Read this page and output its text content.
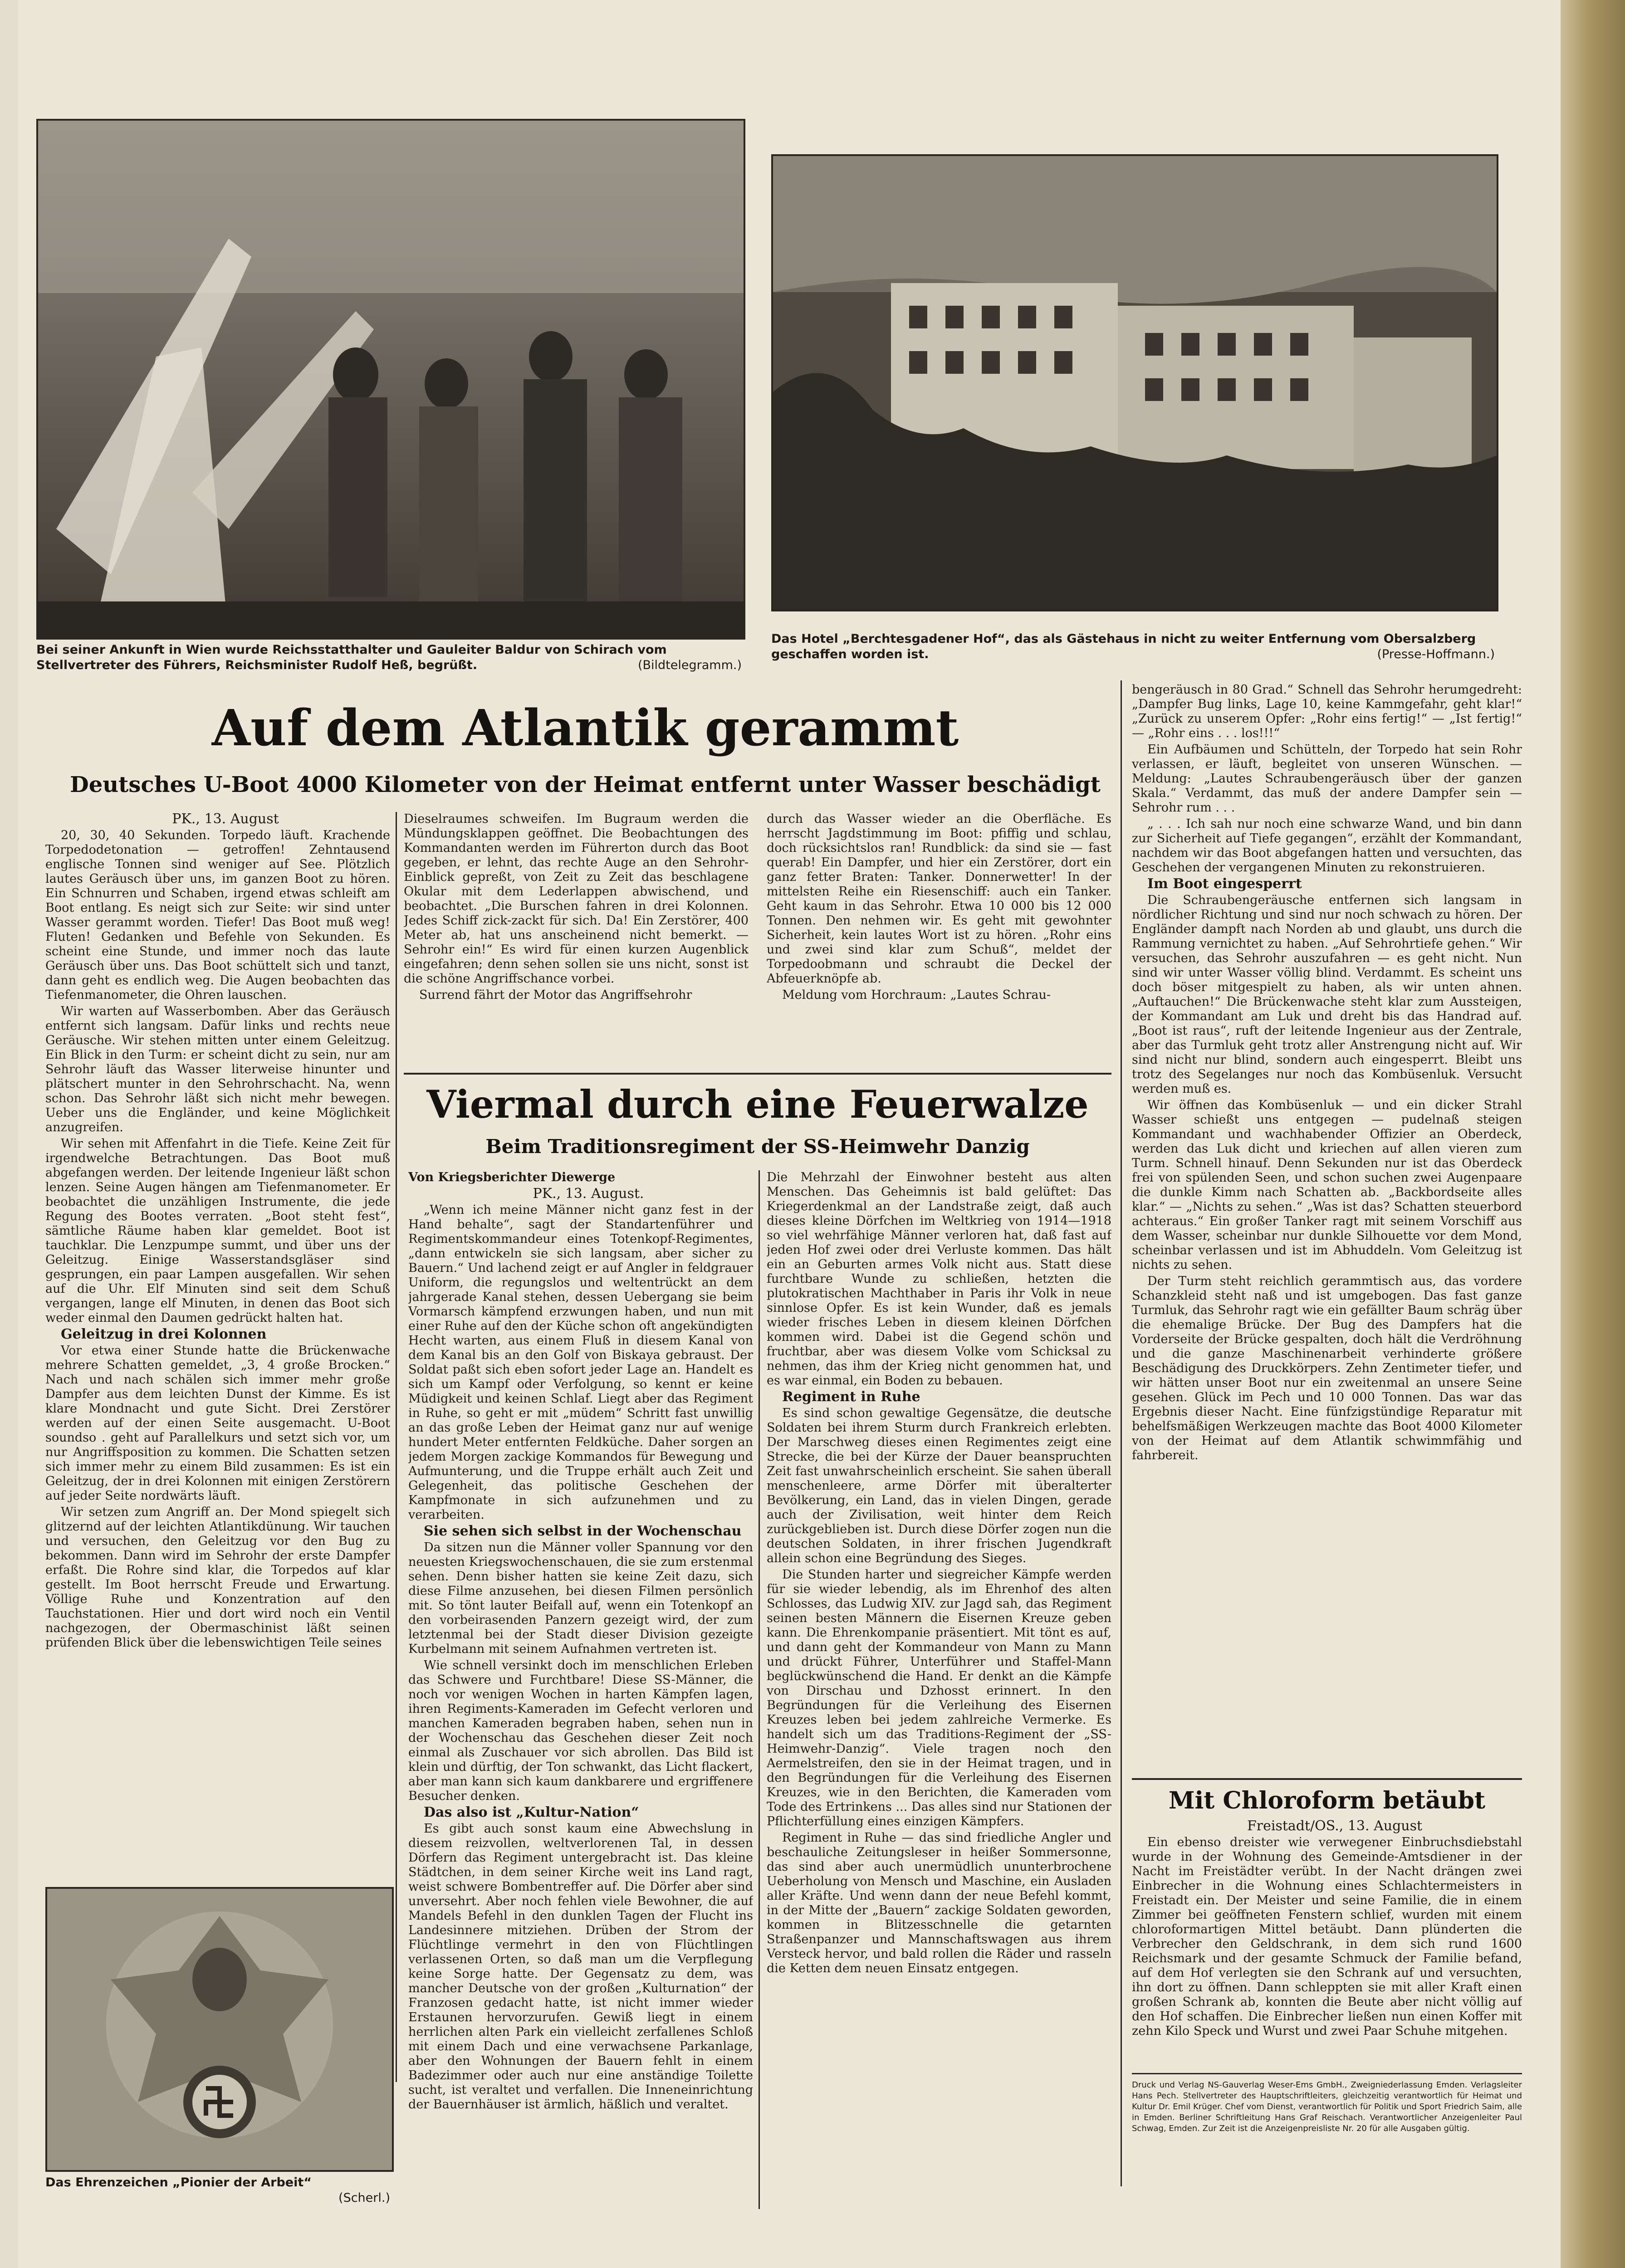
Bei seiner Ankunft in Wien wurde Reichsstatthalter und Gauleiter Baldur von Schirach vom Stellvertreter des Führers, Reichsminister Rudolf Heß, begrüßt.	(Bildtelegramm.)
Das Hotel „Berchtesgadener Hof“, das als Gästehaus in nicht zu weiter Entfernung vom Obersalzberg geschaffen worden ist.	(Presse-Hoffmann.)
Auf dem Atlantik gerammt
Deutsches U-Boot 4000 Kilometer von der Heimat entfernt unter Wasser beschädigt

PK., 13. August

20, 30, 40 Sekunden. Torpedo läuft. Krachende Torpedodetonation — getroffen! Zehntausend englische Tonnen sind weniger auf See. Plötzlich lautes Geräusch über uns, im ganzen Boot zu hören. Ein Schnurren und Schaben, irgend etwas schleift am Boot entlang. Es neigt sich zur Seite: wir sind unter Wasser gerammt worden. Tiefer! Das Boot muß weg! Fluten! Gedanken und Befehle von Sekunden. Es scheint eine Stunde, und immer noch das laute Geräusch über uns. Das Boot schüttelt sich und tanzt, dann geht es endlich weg. Die Augen beobachten das Tiefenmanometer, die Ohren lauschen.

Wir warten auf Wasserbomben. Aber das Geräusch entfernt sich langsam. Dafür links und rechts neue Geräusche. Wir stehen mitten unter einem Geleitzug. Ein Blick in den Turm: er scheint dicht zu sein, nur am Sehrohr läuft das Wasser literweise hinunter und plätschert munter in den Sehrohrschacht. Na, wenn schon. Das Sehrohr läßt sich nicht mehr bewegen. Ueber uns die Engländer, und keine Möglichkeit anzugreifen.

Wir sehen mit Affenfahrt in die Tiefe. Keine Zeit für irgendwelche Betrachtungen. Das Boot muß abgefangen werden. Der leitende Ingenieur läßt schon lenzen. Seine Augen hängen am Tiefenmanometer. Er beobachtet die unzähligen Instrumente, die jede Regung des Bootes verraten. „Boot steht fest“, sämtliche Räume haben klar gemeldet. Boot ist tauchklar. Die Lenzpumpe summt, und über uns der Geleitzug. Einige Wasserstandsgläser sind gesprungen, ein paar Lampen ausgefallen. Wir sehen auf die Uhr. Elf Minuten sind seit dem Schuß vergangen, lange elf Minuten, in denen das Boot sich weder einmal den Daumen gedrückt halten hat.

Geleitzug in drei Kolonnen

Vor etwa einer Stunde hatte die Brückenwache mehrere Schatten gemeldet, „3, 4 große Brocken.“ Nach und nach schälen sich immer mehr große Dampfer aus dem leichten Dunst der Kimme. Es ist klare Mondnacht und gute Sicht. Drei Zerstörer werden auf der einen Seite ausgemacht. U-Boot soundso . geht auf Parallelkurs und setzt sich vor, um nur Angriffsposition zu kommen. Die Schatten setzen sich immer mehr zu einem Bild zusammen: Es ist ein Geleitzug, der in drei Kolonnen mit einigen Zerstörern auf jeder Seite nordwärts läuft.

Wir setzen zum Angriff an. Der Mond spiegelt sich glitzernd auf der leichten Atlantikdünung. Wir tauchen und versuchen, den Geleitzug vor den Bug zu bekommen. Dann wird im Sehrohr der erste Dampfer erfaßt. Die Rohre sind klar, die Torpedos auf klar gestellt. Im Boot herrscht Freude und Erwartung. Völlige Ruhe und Konzentration auf den Tauchstationen. Hier und dort wird noch ein Ventil nachgezogen, der Obermaschinist läßt seinen prüfenden Blick über die lebenswichtigen Teile seines

Dieselraumes schweifen. Im Bugraum werden die Mündungsklappen geöffnet. Die Beobachtungen des Kommandanten werden im Führerton durch das Boot gegeben, er lehnt, das rechte Auge an den Sehrohr-Einblick gepreßt, von Zeit zu Zeit das beschlagene Okular mit dem Lederlappen abwischend, und beobachtet. „Die Burschen fahren in drei Kolonnen. Jedes Schiff zick-zackt für sich. Da! Ein Zerstörer, 400 Meter ab, hat uns anscheinend nicht bemerkt. — Sehrohr ein!“ Es wird für einen kurzen Augenblick eingefahren; denn sehen sollen sie uns nicht, sonst ist die schöne Angriffschance vorbei.

Surrend fährt der Motor das Angriffsehrohr

durch das Wasser wieder an die Oberfläche. Es herrscht Jagdstimmung im Boot: pfiffig und schlau, doch rücksichtslos ran! Rundblick: da sind sie — fast querab! Ein Dampfer, und hier ein Zerstörer, dort ein ganz fetter Braten: Tanker. Donnerwetter! In der mittelsten Reihe ein Riesenschiff: auch ein Tanker. Geht kaum in das Sehrohr. Etwa 10 000 bis 12 000 Tonnen. Den nehmen wir. Es geht mit gewohnter Sicherheit, kein lautes Wort ist zu hören. „Rohr eins und zwei sind klar zum Schuß“, meldet der Torpedoobmann und schraubt die Deckel der Abfeuerknöpfe ab.

Meldung vom Horchraum: „Lautes Schrau-

bengeräusch in 80 Grad.“ Schnell das Sehrohr herumgedreht: „Dampfer Bug links, Lage 10, keine Kammgefahr, geht klar!“ „Zurück zu unserem Opfer: „Rohr eins fertig!“ — „Ist fertig!“ — „Rohr eins . . . los!!!“

Ein Aufbäumen und Schütteln, der Torpedo hat sein Rohr verlassen, er läuft, begleitet von unseren Wünschen. — Meldung: „Lautes Schraubengeräusch über der ganzen Skala.“ Verdammt, das muß der andere Dampfer sein — Sehrohr rum . . .

„ . . . Ich sah nur noch eine schwarze Wand, und bin dann zur Sicherheit auf Tiefe gegangen“, erzählt der Kommandant, nachdem wir das Boot abgefangen hatten und versuchten, das Geschehen der vergangenen Minuten zu rekonstruieren.

Im Boot eingesperrt

Die Schraubengeräusche entfernen sich langsam in nördlicher Richtung und sind nur noch schwach zu hören. Der Engländer dampft nach Norden ab und glaubt, uns durch die Rammung vernichtet zu haben. „Auf Sehrohrtiefe gehen.“ Wir versuchen, das Sehrohr auszufahren — es geht nicht. Nun sind wir unter Wasser völlig blind. Verdammt. Es scheint uns doch böser mitgespielt zu haben, als wir unten ahnen. „Auftauchen!“ Die Brückenwache steht klar zum Aussteigen, der Kommandant am Luk und dreht bis das Handrad auf. „Boot ist raus“, ruft der leitende Ingenieur aus der Zentrale, aber das Turmluk geht trotz aller Anstrengung nicht auf. Wir sind nicht nur blind, sondern auch eingesperrt. Bleibt uns trotz des Segelanges nur noch das Kombüsenluk. Versucht werden muß es.

Wir öffnen das Kombüsenluk — und ein dicker Strahl Wasser schießt uns entgegen — pudelnaß steigen Kommandant und wachhabender Offizier an Oberdeck, werden das Luk dicht und kriechen auf allen vieren zum Turm. Schnell hinauf. Denn Sekunden nur ist das Oberdeck frei von spülenden Seen, und schon suchen zwei Augenpaare die dunkle Kimm nach Schatten ab. „Backbordseite alles klar.“ — „Nichts zu sehen.“ „Was ist das? Schatten steuerbord achteraus.“ Ein großer Tanker ragt mit seinem Vorschiff aus dem Wasser, scheinbar nur dunkle Silhouette vor dem Mond, scheinbar verlassen und ist im Abhuddeln. Vom Geleitzug ist nichts zu sehen.

Der Turm steht reichlich gerammtisch aus, das vordere Schanzkleid steht naß und ist umgebogen. Das fast ganze Turmluk, das Sehrohr ragt wie ein gefällter Baum schräg über die ehemalige Brücke. Der Bug des Dampfers hat die Vorderseite der Brücke gespalten, doch hält die Verdröhnung und die ganze Maschinenarbeit verhinderte größere Beschädigung des Druckkörpers. Zehn Zentimeter tiefer, und wir hätten unser Boot nur ein zweitenmal an unsere Seine gesehen. Glück im Pech und 10 000 Tonnen. Das war das Ergebnis dieser Nacht. Eine fünfzigstündige Reparatur mit behelfsmäßigen Werkzeugen machte das Boot 4000 Kilometer von der Heimat auf dem Atlantik schwimmfähig und fahrbereit.

Viermal durch eine Feuerwalze
Beim Traditionsregiment der SS-Heimwehr Danzig

Von Kriegsberichter Diewerge

PK., 13. August.

„Wenn ich meine Männer nicht ganz fest in der Hand behalte“, sagt der Standartenführer und Regimentskommandeur eines Totenkopf-Regimentes, „dann entwickeln sie sich langsam, aber sicher zu Bauern.“ Und lachend zeigt er auf Angler in feldgrauer Uniform, die regungslos und weltentrückt an dem jahrgerade Kanal stehen, dessen Uebergang sie beim Vormarsch kämpfend erzwungen haben, und nun mit einer Ruhe auf den der Küche schon oft angekündigten Hecht warten, aus einem Fluß in diesem Kanal von dem Kanal bis an den Golf von Biskaya gebraust. Der Soldat paßt sich eben sofort jeder Lage an. Handelt es sich um Kampf oder Verfolgung, so kennt er keine Müdigkeit und keinen Schlaf. Liegt aber das Regiment in Ruhe, so geht er mit „müdem“ Schritt fast unwillig an das große Leben der Heimat ganz nur auf wenige hundert Meter entfernten Feldküche. Daher sorgen an jedem Morgen zackige Kommandos für Bewegung und Aufmunterung, und die Truppe erhält auch Zeit und Gelegenheit, das politische Geschehen der Kampfmonate in sich aufzunehmen und zu verarbeiten.

Sie sehen sich selbst in der Wochenschau

Da sitzen nun die Männer voller Spannung vor den neuesten Kriegswochenschauen, die sie zum erstenmal sehen. Denn bisher hatten sie keine Zeit dazu, sich diese Filme anzusehen, bei diesen Filmen persönlich mit. So tönt lauter Beifall auf, wenn ein Totenkopf an den vorbeirasenden Panzern gezeigt wird, der zum letztenmal bei der Stadt dieser Division gezeigte Kurbelmann mit seinem Aufnahmen vertreten ist.

Wie schnell versinkt doch im menschlichen Erleben das Schwere und Furchtbare! Diese SS-Männer, die noch vor wenigen Wochen in harten Kämpfen lagen, ihren Regiments-Kameraden im Gefecht verloren und manchen Kameraden begraben haben, sehen nun in der Wochenschau das Geschehen dieser Zeit noch einmal als Zuschauer vor sich abrollen. Das Bild ist klein und dürftig, der Ton schwankt, das Licht flackert, aber man kann sich kaum dankbarere und ergriffenere Besucher denken.

Das also ist „Kultur-Nation“

Es gibt auch sonst kaum eine Abwechslung in diesem reizvollen, weltverlorenen Tal, in dessen Dörfern das Regiment untergebracht ist. Das kleine Städtchen, in dem seiner Kirche weit ins Land ragt, weist schwere Bombentreffer auf. Die Dörfer aber sind unversehrt. Aber noch fehlen viele Bewohner, die auf Mandels Befehl in den dunklen Tagen der Flucht ins Landesinnere mitziehen. Drüben der Strom der Flüchtlinge vermehrt in den von Flüchtlingen verlassenen Orten, so daß man um die Verpflegung keine Sorge hatte. Der Gegensatz zu dem, was mancher Deutsche von der großen „Kulturnation“ der Franzosen gedacht hatte, ist nicht immer wieder Erstaunen hervorzurufen. Gewiß liegt in einem herrlichen alten Park ein vielleicht zerfallenes Schloß mit einem Dach und eine verwachsene Parkanlage, aber den Wohnungen der Bauern fehlt in einem Badezimmer oder auch nur eine anständige Toilette sucht, ist veraltet und verfallen. Die Inneneinrichtung der Bauernhäuser ist ärmlich, häßlich und veraltet.

Die Mehrzahl der Einwohner besteht aus alten Menschen. Das Geheimnis ist bald gelüftet: Das Kriegerdenkmal an der Landstraße zeigt, daß auch dieses kleine Dörfchen im Weltkrieg von 1914—1918 so viel wehrfähige Männer verloren hat, daß fast auf jeden Hof zwei oder drei Verluste kommen. Das hält ein an Geburten armes Volk nicht aus. Statt diese furchtbare Wunde zu schließen, hetzten die plutokratischen Machthaber in Paris ihr Volk in neue sinnlose Opfer. Es ist kein Wunder, daß es jemals wieder frisches Leben in diesem kleinen Dörfchen kommen wird. Dabei ist die Gegend schön und fruchtbar, aber was diesem Volke vom Schicksal zu nehmen, das ihm der Krieg nicht genommen hat, und es war einmal, ein Boden zu bebauen.

Regiment in Ruhe

Es sind schon gewaltige Gegensätze, die deutsche Soldaten bei ihrem Sturm durch Frankreich erlebten. Der Marschweg dieses einen Regimentes zeigt eine Strecke, die bei der Kürze der Dauer beanspruchten Zeit fast unwahrscheinlich erscheint. Sie sahen überall menschenleere, arme Dörfer mit überalterter Bevölkerung, ein Land, das in vielen Dingen, gerade auch der Zivilisation, weit hinter dem Reich zurückgeblieben ist. Durch diese Dörfer zogen nun die deutschen Soldaten, in ihrer frischen Jugendkraft allein schon eine Begründung des Sieges.

Die Stunden harter und siegreicher Kämpfe werden für sie wieder lebendig, als im Ehrenhof des alten Schlosses, das Ludwig XIV. zur Jagd sah, das Regiment seinen besten Männern die Eisernen Kreuze geben kann. Die Ehrenkompanie präsentiert. Mit tönt es auf, und dann geht der Kommandeur von Mann zu Mann und drückt Führer, Unterführer und Staffel-Mann beglückwünschend die Hand. Er denkt an die Kämpfe von Dirschau und Dzhosst erinnert. In den Begründungen für die Verleihung des Eisernen Kreuzes leben bei jedem zahlreiche Vermerke. Es handelt sich um das Traditions-Regiment der „SS-Heimwehr-Danzig“. Viele tragen noch den Aermelstreifen, den sie in der Heimat tragen, und in den Begründungen für die Verleihung des Eisernen Kreuzes, wie in den Berichten, die Kameraden vom Tode des Ertrinkens ... Das alles sind nur Stationen der Pflichterfüllung eines einzigen Kämpfers.

Regiment in Ruhe — das sind friedliche Angler und beschauliche Zeitungsleser in heißer Sommersonne, das sind aber auch unermüdlich ununterbrochene Ueberholung von Mensch und Maschine, ein Ausladen aller Kräfte. Und wenn dann der neue Befehl kommt, in der Mitte der „Bauern“ zackige Soldaten geworden, kommen in Blitzesschnelle die getarnten Straßenpanzer und Mannschaftswagen aus ihrem Versteck hervor, und bald rollen die Räder und rasseln die Ketten dem neuen Einsatz entgegen.

Das Ehrenzeichen „Pionier der Arbeit“
(Scherl.)
Mit Chloroform betäubt

Freistadt/OS., 13. August

Ein ebenso dreister wie verwegener Einbruchsdiebstahl wurde in der Wohnung des Gemeinde-Amtsdiener in der Nacht im Freistädter verübt. In der Nacht drängen zwei Einbrecher in die Wohnung eines Schlachtermeisters in Freistadt ein. Der Meister und seine Familie, die in einem Zimmer bei geöffneten Fenstern schlief, wurden mit einem chloroformartigen Mittel betäubt. Dann plünderten die Verbrecher den Geldschrank, in dem sich rund 1600 Reichsmark und der gesamte Schmuck der Familie befand, auf dem Hof verlegten sie den Schrank auf und versuchten, ihn dort zu öffnen. Dann schleppten sie mit aller Kraft einen großen Schrank ab, konnten die Beute aber nicht völlig auf den Hof schaffen. Die Einbrecher ließen nun einen Koffer mit zehn Kilo Speck und Wurst und zwei Paar Schuhe mitgehen.

Druck und Verlag NS-Gauverlag Weser-Ems GmbH., Zweigniederlassung Emden. Verlagsleiter Hans Pech. Stellvertreter des Hauptschriftleiters, gleichzeitig verantwortlich für Heimat und Kultur Dr. Emil Krüger. Chef vom Dienst, verantwortlich für Politik und Sport Friedrich Saim, alle in Emden. Berliner Schriftleitung Hans Graf Reischach. Verantwortlicher Anzeigenleiter Paul Schwag, Emden. Zur Zeit ist die Anzeigenpreisliste Nr. 20 für alle Ausgaben gültig.
